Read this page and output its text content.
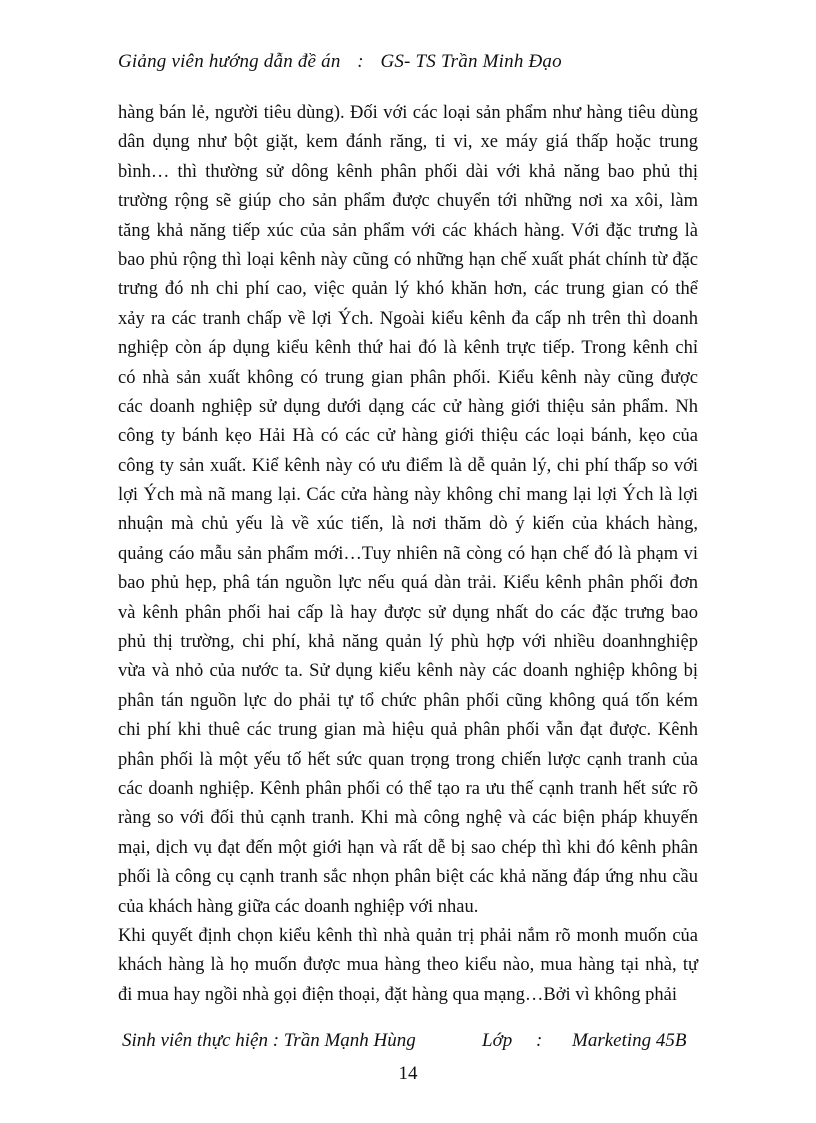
Giảng viên hướng dẫn đề án : GS- TS Trần Minh Đạo
hàng bán lẻ, người tiêu dùng). Đối với các loại sản phẩm như hàng tiêu dùng
dân dụng như bột giặt, kem đánh răng, ti vi, xe máy giá thấp hoặc trung
bình… thì thường sử dông kênh phân phối dài với khả năng bao phủ thị
trường rộng sẽ giúp cho sản phẩm được chuyển tới những nơi xa xôi, làm
tăng khả năng tiếp xúc của sản phẩm với các khách hàng. Với đặc trưng là
bao phủ rộng thì loại kênh này cũng có những hạn chế xuất phát chính từ đặc
trưng đó nh chi phí cao, việc quản lý khó khăn hơn, các trung gian có thể
xảy ra các tranh chấp về lợi Ých. Ngoài kiểu kênh đa cấp nh trên thì doanh
nghiệp còn áp dụng kiểu kênh thứ hai đó là kênh trực tiếp. Trong kênh chỉ
có nhà sản xuất không có trung gian phân phối. Kiểu kênh này cũng được
các doanh nghiệp sử dụng dưới dạng các cử hàng giới thiệu sản phẩm. Nh
công ty bánh kẹo Hải Hà có các cử hàng giới thiệu các loại bánh, kẹo của
công ty sản xuất. Kiể kênh này có ưu điểm là dễ quản lý, chi phí thấp so với
lợi Ých mà nã mang lại. Các cửa hàng này không chỉ mang lại lợi Ých là lợi
nhuận mà chủ yếu là về xúc tiến, là nơi thăm dò ý kiến của khách hàng,
quảng cáo mẫu sản phẩm mới…Tuy nhiên nã còng có hạn chế đó là phạm vi
bao phủ hẹp, phâ tán nguồn lực nếu quá dàn trải. Kiểu kênh phân phối đơn
và kênh phân phối hai cấp là hay được sử dụng nhất do các đặc trưng bao
phủ thị trường, chi phí, khả năng quản lý phù hợp với nhiều doanhnghiệp
vừa và nhỏ của nước ta. Sử dụng kiểu kênh này các doanh nghiệp không bị
phân tán nguồn lực do phải tự tổ chức phân phối cũng không quá tốn kém
chi phí khi thuê các trung gian mà hiệu quả phân phối vẫn đạt được. Kênh
phân phối là một yếu tố hết sức quan trọng trong chiến lược cạnh tranh của
các doanh nghiệp. Kênh phân phối có thể tạo ra ưu thế cạnh tranh hết sức rõ
ràng so với đối thủ cạnh tranh. Khi mà công nghệ và các biện pháp khuyến
mại, dịch vụ đạt đến một giới hạn và rất dễ bị sao chép thì khi đó kênh phân
phối là công cụ cạnh tranh sắc nhọn phân biệt các khả năng đáp ứng nhu cầu
của khách hàng giữa các doanh nghiệp với nhau.
Khi quyết định chọn kiểu kênh thì nhà quản trị phải nắm rõ monh muốn của
khách hàng là họ muốn được mua hàng theo kiểu nào, mua hàng tại nhà, tự
đi mua hay ngồi nhà gọi điện thoại, đặt hàng qua mạng…Bởi vì không phải
Sinh viên thực hiện : Trần Mạnh Hùng	Lớp : Marketing 45B
14
